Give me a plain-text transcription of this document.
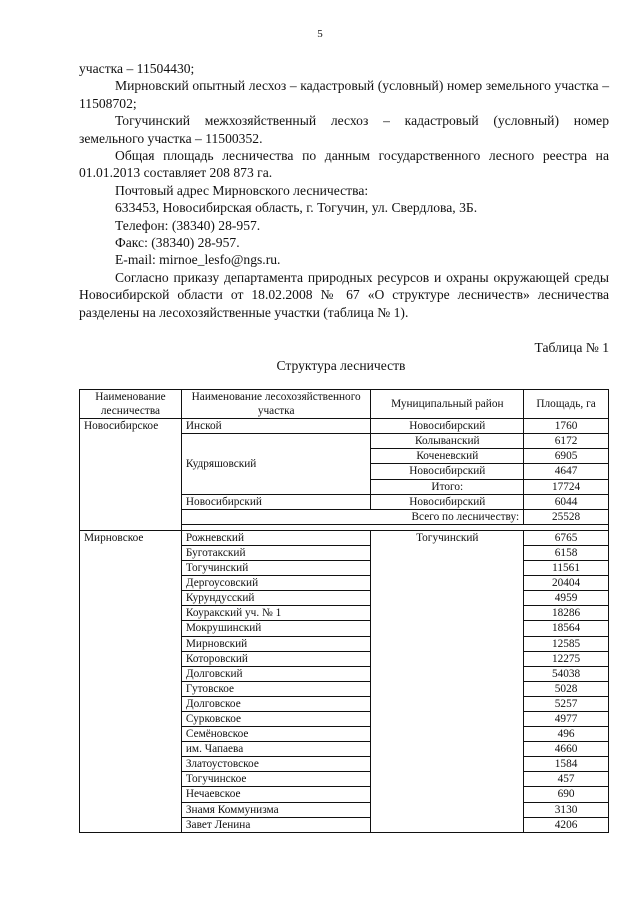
5

участка – 11504430;

Мирновский опытный лесхоз – кадастровый (условный) номер земельного участка – 11508702;

Тогучинский межхозяйственный лесхоз – кадастровый (условный) номер земельного участка – 11500352.

Общая площадь лесничества по данным государственного лесного реестра на 01.01.2013 составляет 208 873 га.

Почтовый адрес Мирновского лесничества:

633453, Новосибирская область, г. Тогучин, ул. Свердлова, 3Б.

Телефон: (38340) 28-957.

Факс: (38340) 28-957.

E-mail: mirnoe_lesfo@ngs.ru.

Согласно приказу департамента природных ресурсов и охраны окружающей среды Новосибирской области от 18.02.2008 № 67 «О структуре лесничеств» лесничества разделены на лесохозяйственные участки (таблица № 1).

Таблица № 1
Структура лесничеств
Наименование лесничества	Наименование лесохозяйственного участка	Муниципальный район	Площадь, га
Новосибирское	Инской	Новосибирский	1760
	Кудряшовский	Колыванский	6172
		Коченевский	6905
		Новосибирский	4647
		Итого:	17724
	Новосибирский	Новосибирский	6044
	Всего по лесничеству:		25528

Мирновское	Рожневский	Тогучинский	6765
	Буготакский		6158
	Тогучинский		11561
	Дергоусовский		20404
	Курундусский		4959
	Коуракский уч. № 1		18286
	Мокрушинский		18564
	Мирновский		12585
	Которовский		12275
	Долговский		54038
	Гутовское		5028
	Долговское		5257
	Сурковское		4977
	Семёновское		496
	им. Чапаева		4660
	Златоустовское		1584
	Тогучинское		457
	Нечаевское		690
	Знамя Коммунизма		3130
	Завет Ленина		4206
